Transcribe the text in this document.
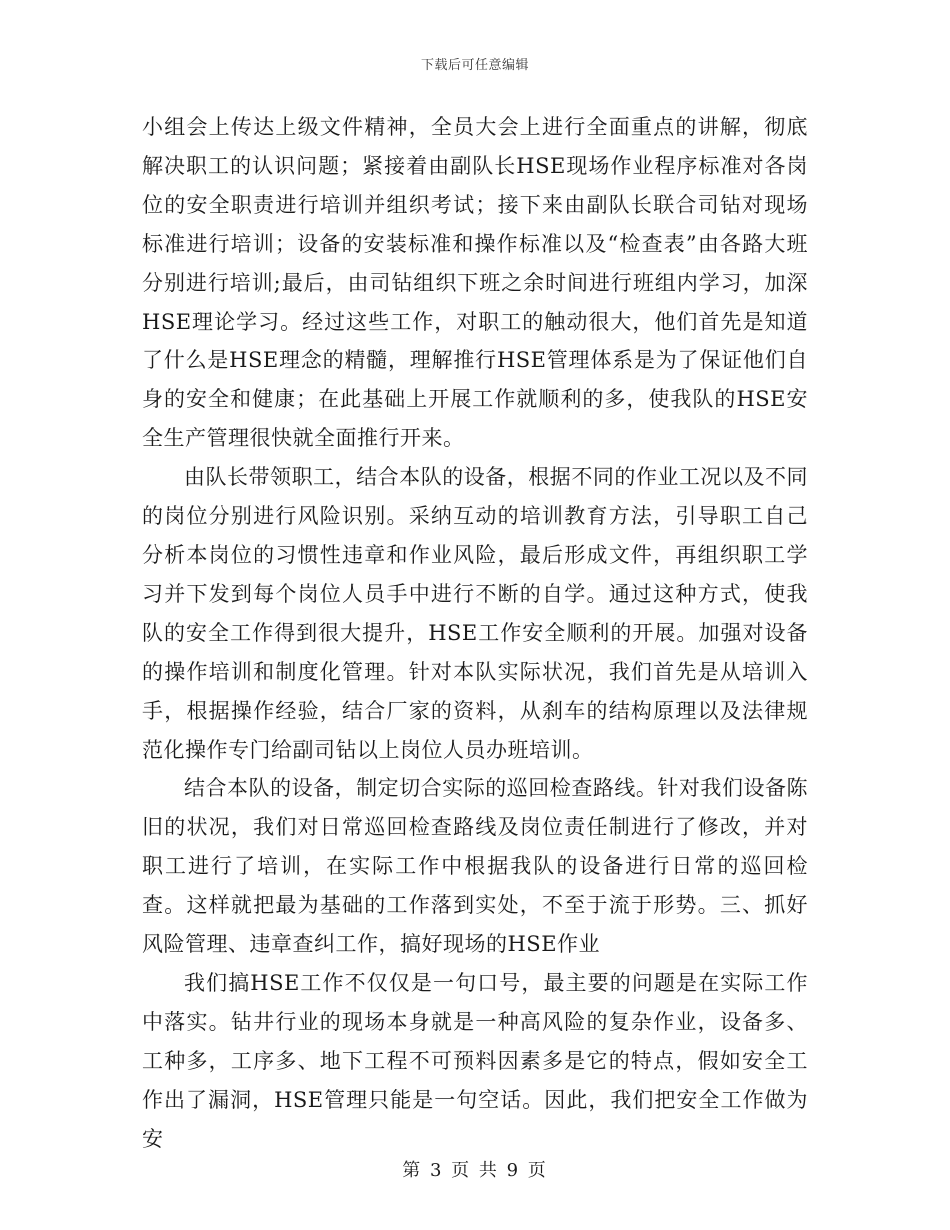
下载后可任意编辑

小组会上传达上级文件精神，全员大会上进行全面重点的讲解，彻底解决职工的认识问题；紧接着由副队长HSE现场作业程序标准对各岗位的安全职责进行培训并组织考试；接下来由副队长联合司钻对现场标准进行培训；设备的安装标准和操作标准以及“检查表”由各路大班分别进行培训;最后，由司钻组织下班之余时间进行班组内学习，加深HSE理论学习。经过这些工作，对职工的触动很大，他们首先是知道了什么是HSE理念的精髓，理解推行HSE管理体系是为了保证他们自身的安全和健康；在此基础上开展工作就顺利的多，使我队的HSE安全生产管理很快就全面推行开来。

由队长带领职工，结合本队的设备，根据不同的作业工况以及不同的岗位分别进行风险识别。采纳互动的培训教育方法，引导职工自己分析本岗位的习惯性违章和作业风险，最后形成文件，再组织职工学习并下发到每个岗位人员手中进行不断的自学。通过这种方式，使我队的安全工作得到很大提升，HSE工作安全顺利的开展。加强对设备的操作培训和制度化管理。针对本队实际状况，我们首先是从培训入手，根据操作经验，结合厂家的资料，从刹车的结构原理以及法律规范化操作专门给副司钻以上岗位人员办班培训。

结合本队的设备，制定切合实际的巡回检查路线。针对我们设备陈旧的状况，我们对日常巡回检查路线及岗位责任制进行了修改，并对职工进行了培训，在实际工作中根据我队的设备进行日常的巡回检查。这样就把最为基础的工作落到实处，不至于流于形势。三、抓好风险管理、违章查纠工作，搞好现场的HSE作业

我们搞HSE工作不仅仅是一句口号，最主要的问题是在实际工作中落实。钻井行业的现场本身就是一种高风险的复杂作业，设备多、工种多，工序多、地下工程不可预料因素多是它的特点，假如安全工作出了漏洞，HSE管理只能是一句空话。因此，我们把安全工作做为安

第 3 页 共 9 页
